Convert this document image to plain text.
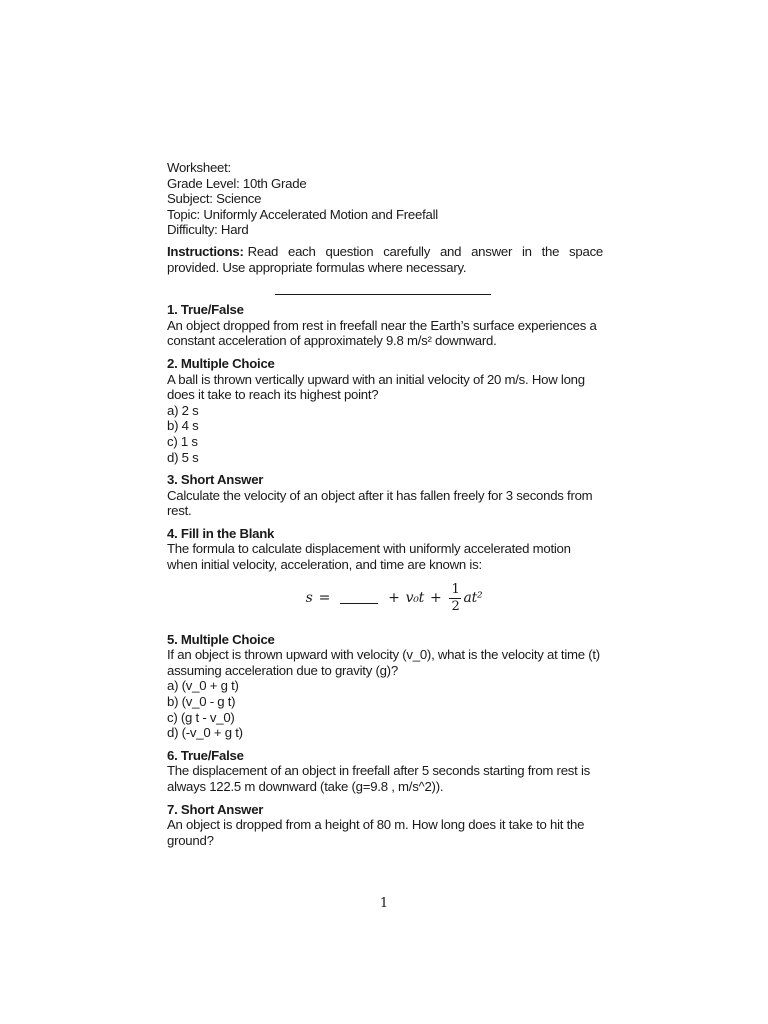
Worksheet:
Grade Level: 10th Grade
Subject: Science
Topic: Uniformly Accelerated Motion and Freefall
Difficulty: Hard
Instructions: Read each question carefully and answer in the space provided. Use appropriate formulas where necessary.
1. True/False
An object dropped from rest in freefall near the Earth’s surface experiences a constant acceleration of approximately 9.8 m/s² downward.
2. Multiple Choice
A ball is thrown vertically upward with an initial velocity of 20 m/s. How long does it take to reach its highest point?
a) 2 s
b) 4 s
c) 1 s
d) 5 s
3. Short Answer
Calculate the velocity of an object after it has fallen freely for 3 seconds from rest.
4. Fill in the Blank
The formula to calculate displacement with uniformly accelerated motion when initial velocity, acceleration, and time are known is:
s =	+ $v_0t + \frac{1}{2} at^2$
5. Multiple Choice
If an object is thrown upward with velocity (v_0), what is the velocity at time (t) assuming acceleration due to gravity (g)?
a) (v_0 + g t)
b) (v_0 - g t)
c) (g t - v_0)
d) (-v_0 + g t)
6. True/False
The displacement of an object in freefall after 5 seconds starting from rest is always 122.5 m downward (take (g=9.8 , m/s^2)).
7. Short Answer
An object is dropped from a height of 80 m. How long does it take to hit the ground?
1
